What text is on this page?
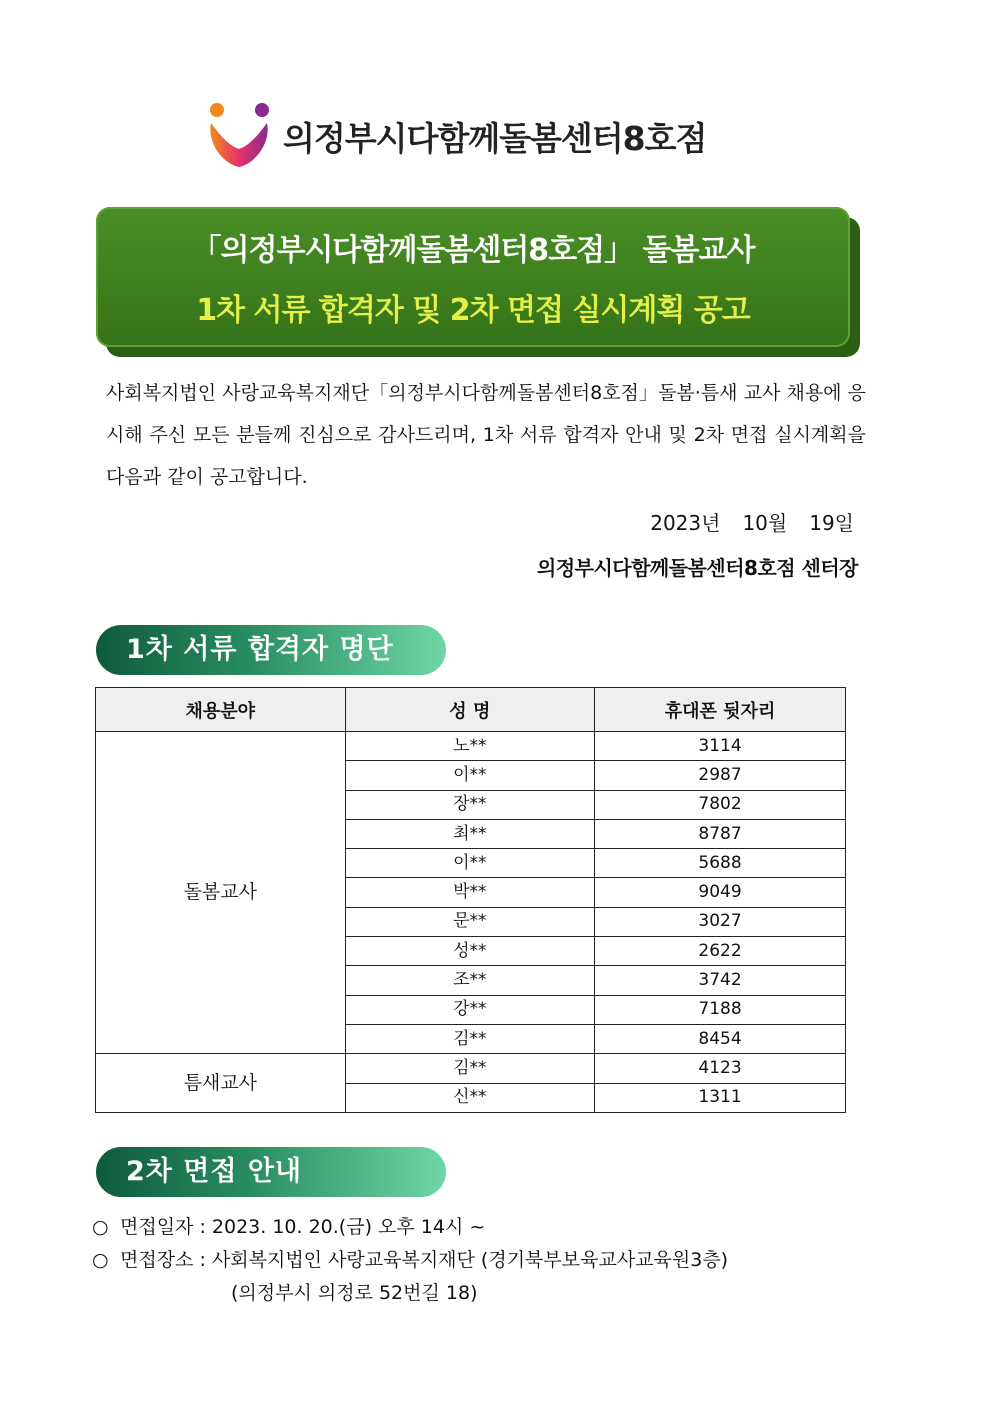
의정부시다함께돌봄센터8호점
「의정부시다함께돌봄센터8호점」 돌봄교사
1차 서류 합격자 및 2차 면접 실시계획 공고
사회복지법인 사랑교육복지재단「의정부시다함께돌봄센터8호점」돌봄·틈새 교사 채용에 응시해 주신 모든 분들께 진심으로 감사드리며, 1차 서류 합격자 안내 및 2차 면접 실시계획을 다음과 같이 공고합니다.
2023년 10월 19일
의정부시다함께돌봄센터8호점 센터장
1차 서류 합격자 명단
채용분야	성 명	휴대폰 뒷자리
돌봄교사	노**	3114
	이**	2987
	장**	7802
	최**	8787
	이**	5688
	박**	9049
	문**	3027
	성**	2622
	조**	3742
	강**	7188
	김**	8454
틈새교사	김**	4123
	신**	1311
2차 면접 안내
○ 면접일자 : 2023. 10. 20.(금) 오후 14시 ~
○ 면접장소 : 사회복지법인 사랑교육복지재단 (경기북부보육교사교육원3층)
(의정부시 의정로 52번길 18)
